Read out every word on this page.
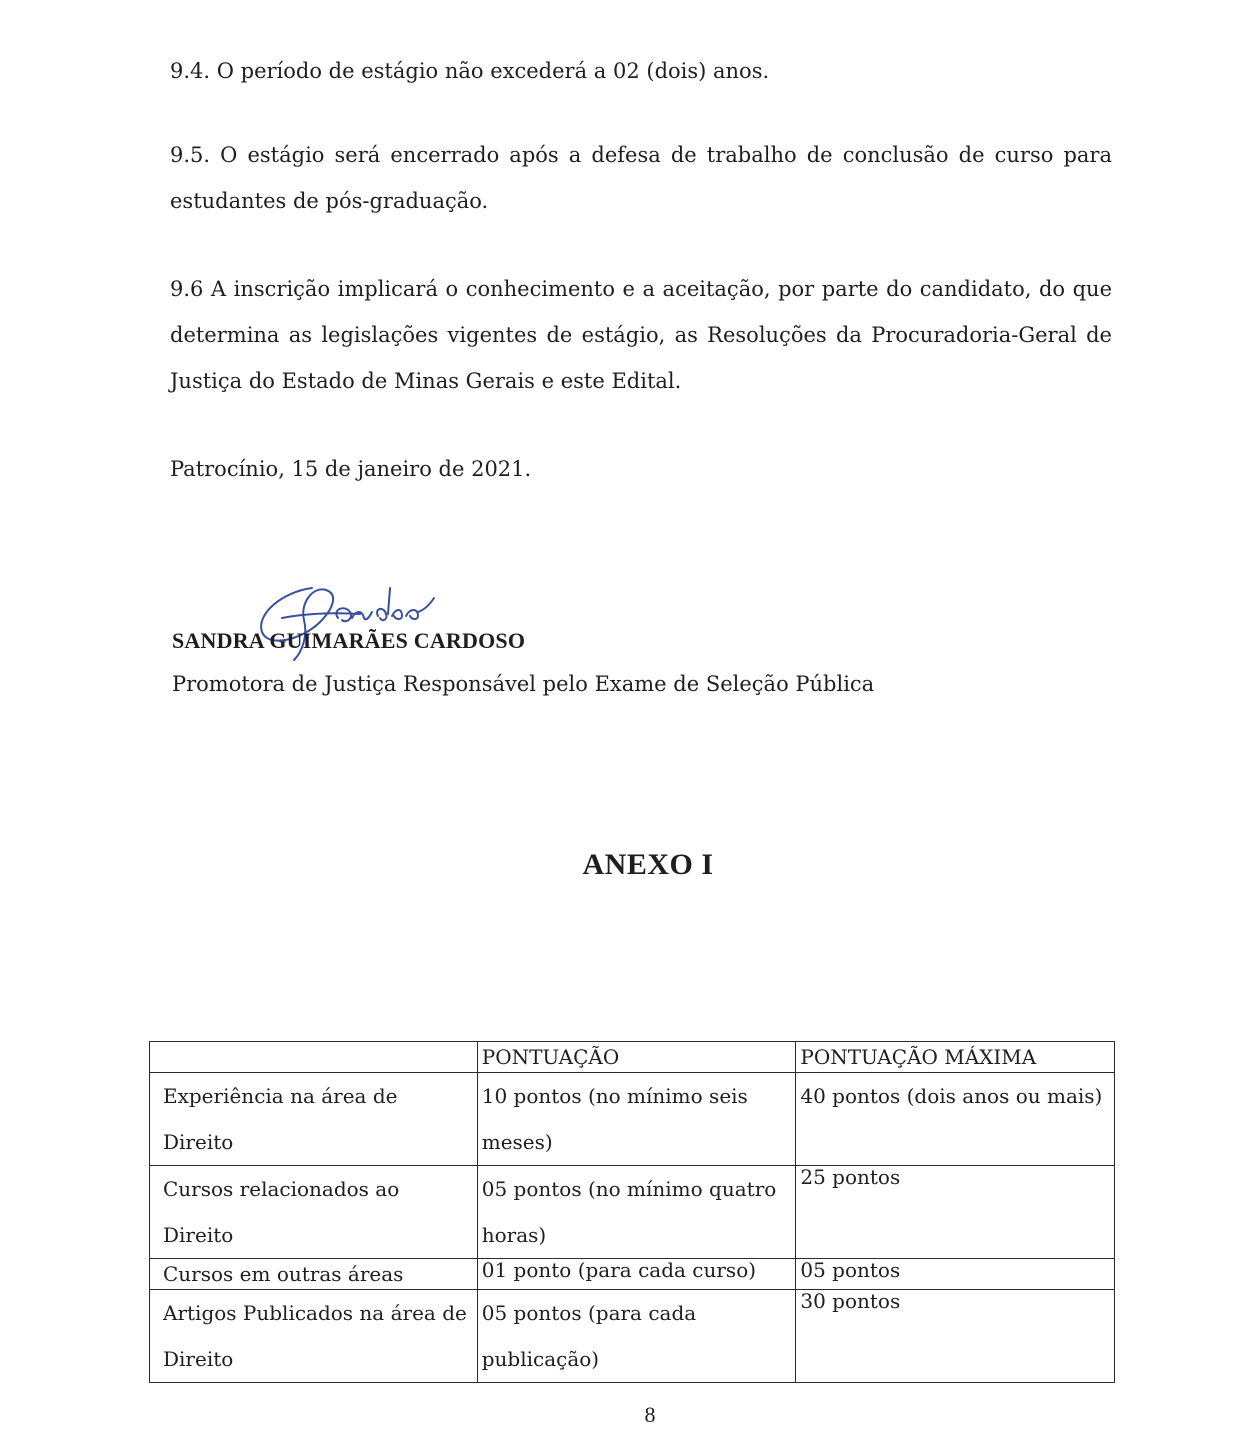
9.4. O período de estágio não excederá a 02 (dois) anos.

9.5. O estágio será encerrado após a defesa de trabalho de conclusão de curso para estudantes de pós-graduação.

9.6 A inscrição implicará o conhecimento e a aceitação, por parte do candidato, do que determina as legislações vigentes de estágio, as Resoluções da Procuradoria-Geral de Justiça do Estado de Minas Gerais e este Edital.

Patrocínio, 15 de janeiro de 2021.

SANDRA GUIMARÃES CARDOSO

Promotora de Justiça Responsável pelo Exame de Seleção Pública

ANEXO I
	PONTUAÇÃO	PONTUAÇÃO MÁXIMA
Experiência na área de Direito	10 pontos (no mínimo seis meses)	40 pontos (dois anos ou mais)
Cursos relacionados ao Direito	05 pontos (no mínimo quatro horas)	25 pontos
Cursos em outras áreas	01 ponto (para cada curso)	05 pontos
Artigos Publicados na área de Direito	05 pontos (para cada publicação)	30 pontos

8
